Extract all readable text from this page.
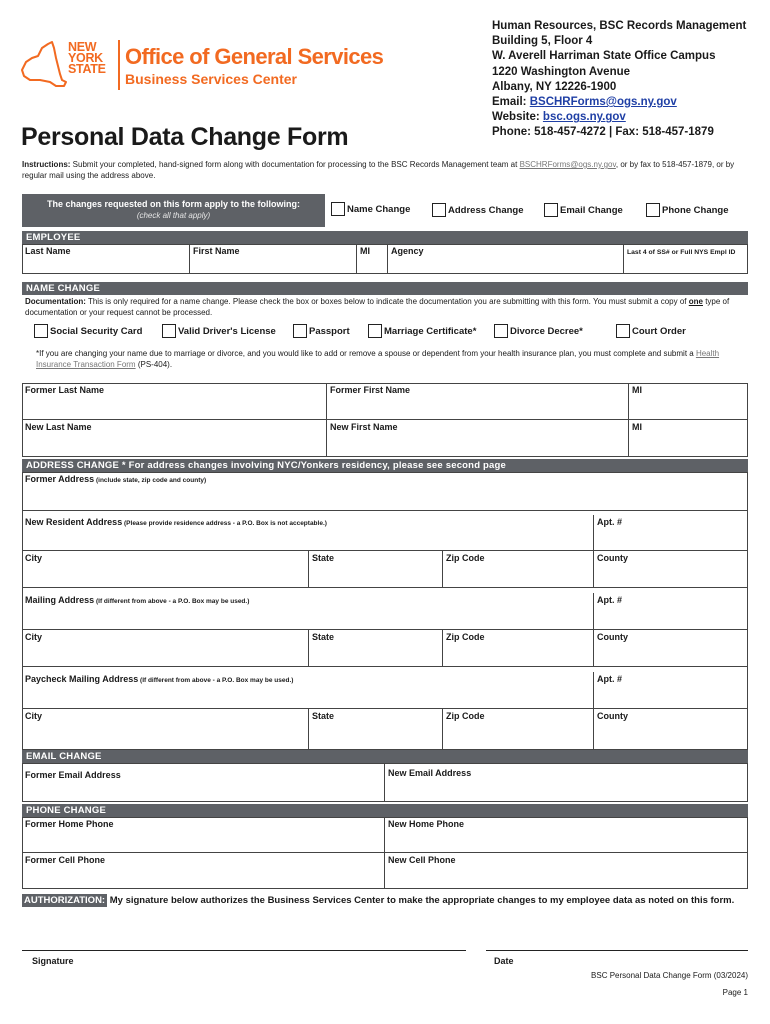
NEW
YORK
STATE Office of General Services
Business Services Center
Human Resources, BSC Records Management
Building 5, Floor 4
W. Averell Harriman State Office Campus
1220 Washington Avenue
Albany, NY 12226-1900
Email: BSCHRForms@ogs.ny.gov
Website: bsc.ogs.ny.gov
Phone: 518-457-4272 | Fax: 518-457-1879
Personal Data Change Form
Instructions: Submit your completed, hand-signed form along with documentation for processing to the BSC Records Management team at BSCHRForms@ogs.ny.gov, or by fax to 518-457-1879, or by regular mail using the address above.
The changes requested on this form apply to the following:
(check all that apply)
Name Change	Address Change	Email Change	Phone Change
EMPLOYEE
Last Name	First Name	MI	Agency	Last 4 of SS# or Full NYS Empl ID
NAME CHANGE
Documentation: This is only required for a name change. Please check the box or boxes below to indicate the documentation you are submitting with this form. You must submit a copy of one type of documentation or your request cannot be processed.
Social Security Card	Valid Driver's License	Passport	Marriage Certificate*	Divorce Decree*	Court Order
*If you are changing your name due to marriage or divorce, and you would like to add or remove a spouse or dependent from your health insurance plan, you must complete and submit a Health Insurance Transaction Form (PS-404).
Former Last Name	Former First Name	MI
New Last Name	New First Name	MI
ADDRESS CHANGE * For address changes involving NYC/Yonkers residency, please see second page
Former Address (include state, zip code and county)
New Resident Address (Please provide residence address - a P.O. Box is not acceptable.)	Apt. #
City	State	Zip Code	County
Mailing Address (If different from above - a P.O. Box may be used.)	Apt. #
City	State	Zip Code	County
Paycheck Mailing Address (If different from above - a P.O. Box may be used.)	Apt. #
City	State	Zip Code	County
EMAIL CHANGE
Former Email Address	New Email Address
PHONE CHANGE
Former Home Phone	New Home Phone
Former Cell Phone	New Cell Phone
AUTHORIZATION: My signature below authorizes the Business Services Center to make the appropriate changes to my employee data as noted on this form.
Signature	Date
BSC Personal Data Change Form (03/2024)
Page 1
